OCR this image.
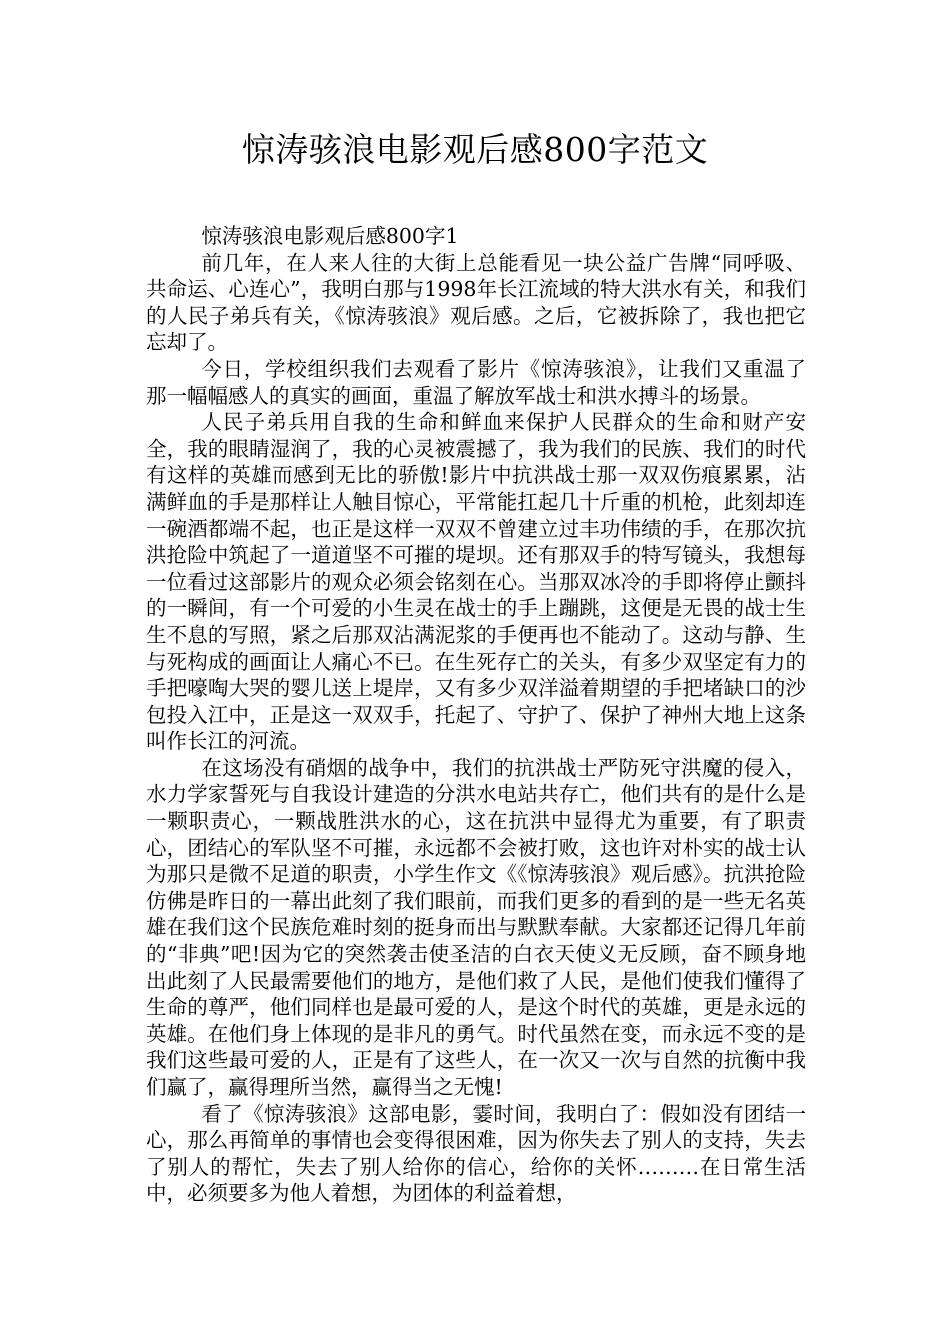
惊涛骇浪电影观后感800字范文

惊涛骇浪电影观后感800字1

前几年，在人来人往的大街上总能看见一块公益广告牌“同呼吸、共命运、心连心”，我明白那与1998年长江流域的特大洪水有关，和我们的人民子弟兵有关，《惊涛骇浪》观后感。之后，它被拆除了，我也把它忘却了。

今日，学校组织我们去观看了影片《惊涛骇浪》，让我们又重温了那一幅幅感人的真实的画面，重温了解放军战士和洪水搏斗的场景。

人民子弟兵用自我的生命和鲜血来保护人民群众的生命和财产安全，我的眼睛湿润了，我的心灵被震撼了，我为我们的民族、我们的时代有这样的英雄而感到无比的骄傲!影片中抗洪战士那一双双伤痕累累，沾满鲜血的手是那样让人触目惊心，平常能扛起几十斤重的机枪，此刻却连一碗酒都端不起，也正是这样一双双不曾建立过丰功伟绩的手，在那次抗洪抢险中筑起了一道道坚不可摧的堤坝。还有那双手的特写镜头，我想每一位看过这部影片的观众必须会铭刻在心。当那双冰冷的手即将停止颤抖的一瞬间，有一个可爱的小生灵在战士的手上蹦跳，这便是无畏的战士生生不息的写照，紧之后那双沾满泥浆的手便再也不能动了。这动与静、生与死构成的画面让人痛心不已。在生死存亡的关头，有多少双坚定有力的手把嚎啕大哭的婴儿送上堤岸，又有多少双洋溢着期望的手把堵缺口的沙包投入江中，正是这一双双手，托起了、守护了、保护了神州大地上这条叫作长江的河流。

在这场没有硝烟的战争中，我们的抗洪战士严防死守洪魔的侵入，水力学家誓死与自我设计建造的分洪水电站共存亡，他们共有的是什么是一颗职责心，一颗战胜洪水的心，这在抗洪中显得尤为重要，有了职责心，团结心的军队坚不可摧，永远都不会被打败，这也许对朴实的战士认为那只是微不足道的职责，小学生作文《《惊涛骇浪》观后感》。抗洪抢险仿佛是昨日的一幕出此刻了我们眼前，而我们更多的看到的是一些无名英雄在我们这个民族危难时刻的挺身而出与默默奉献。大家都还记得几年前的“非典”吧!因为它的突然袭击使圣洁的白衣天使义无反顾，奋不顾身地出此刻了人民最需要他们的地方，是他们救了人民，是他们使我们懂得了生命的尊严，他们同样也是最可爱的人，是这个时代的英雄，更是永远的英雄。在他们身上体现的是非凡的勇气。时代虽然在变，而永远不变的是我们这些最可爱的人，正是有了这些人，在一次又一次与自然的抗衡中我们赢了，赢得理所当然，赢得当之无愧!

看了《惊涛骇浪》这部电影，霎时间，我明白了：假如没有团结一心，那么再简单的事情也会变得很困难，因为你失去了别人的支持，失去了别人的帮忙，失去了别人给你的信心，给你的关怀………在日常生活中，必须要多为他人着想，为团体的利益着想，
